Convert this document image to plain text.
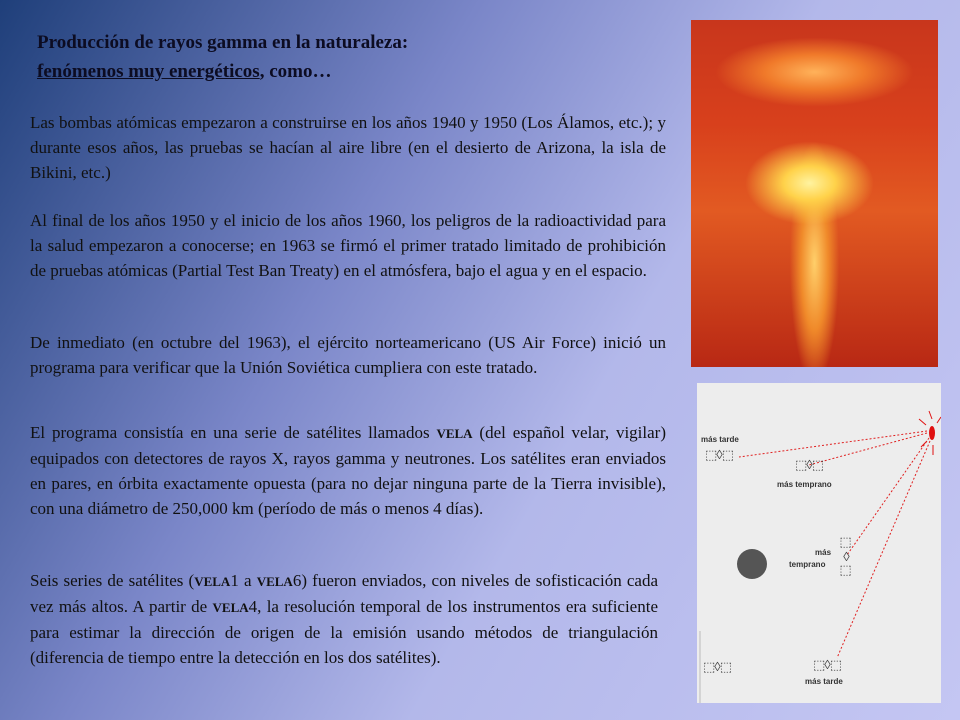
Producción de rayos gamma en la naturaleza:
fenómenos muy energéticos, como…
Las bombas atómicas empezaron a construirse en los años 1940 y 1950 (Los Álamos, etc.); y durante esos años, las pruebas se hacían al aire libre (en el desierto de Arizona, la isla de Bikini, etc.)
Al final de los años 1950 y el inicio de los años 1960, los peligros de la radioactividad para la salud empezaron a conocerse; en 1963 se firmó el primer tratado limitado de prohibición de pruebas atómicas (Partial Test Ban Treaty) en el atmósfera, bajo el agua y en el espacio.
De inmediato (en octubre del 1963), el ejército norteamericano (US Air Force) inició un programa para verificar que la Unión Soviética cumpliera con este tratado.
El programa consistía en una serie de satélites llamados VELA (del español velar, vigilar) equipados con detectores de rayos X, rayos gamma y neutrones. Los satélites eran enviados en pares, en órbita exactamente opuesta (para no dejar ninguna parte de la Tierra invisible), con una diámetro de 250,000 km (período de más o menos 4 días).
Seis series de satélites (VELA1 a VELA6) fueron enviados, con niveles de sofisticación cada vez más altos. A partir de VELA4, la resolución temporal de los instrumentos era suficiente para estimar la dirección de origen de la emisión usando métodos de triangulación (diferencia de tiempo entre la detección en los dos satélites).
más tarde
⬚◊⬚
⬚◊⬚
más temprano
⬚◊⬚
más
temprano
⬚◊⬚	⬚◊⬚
más tarde
